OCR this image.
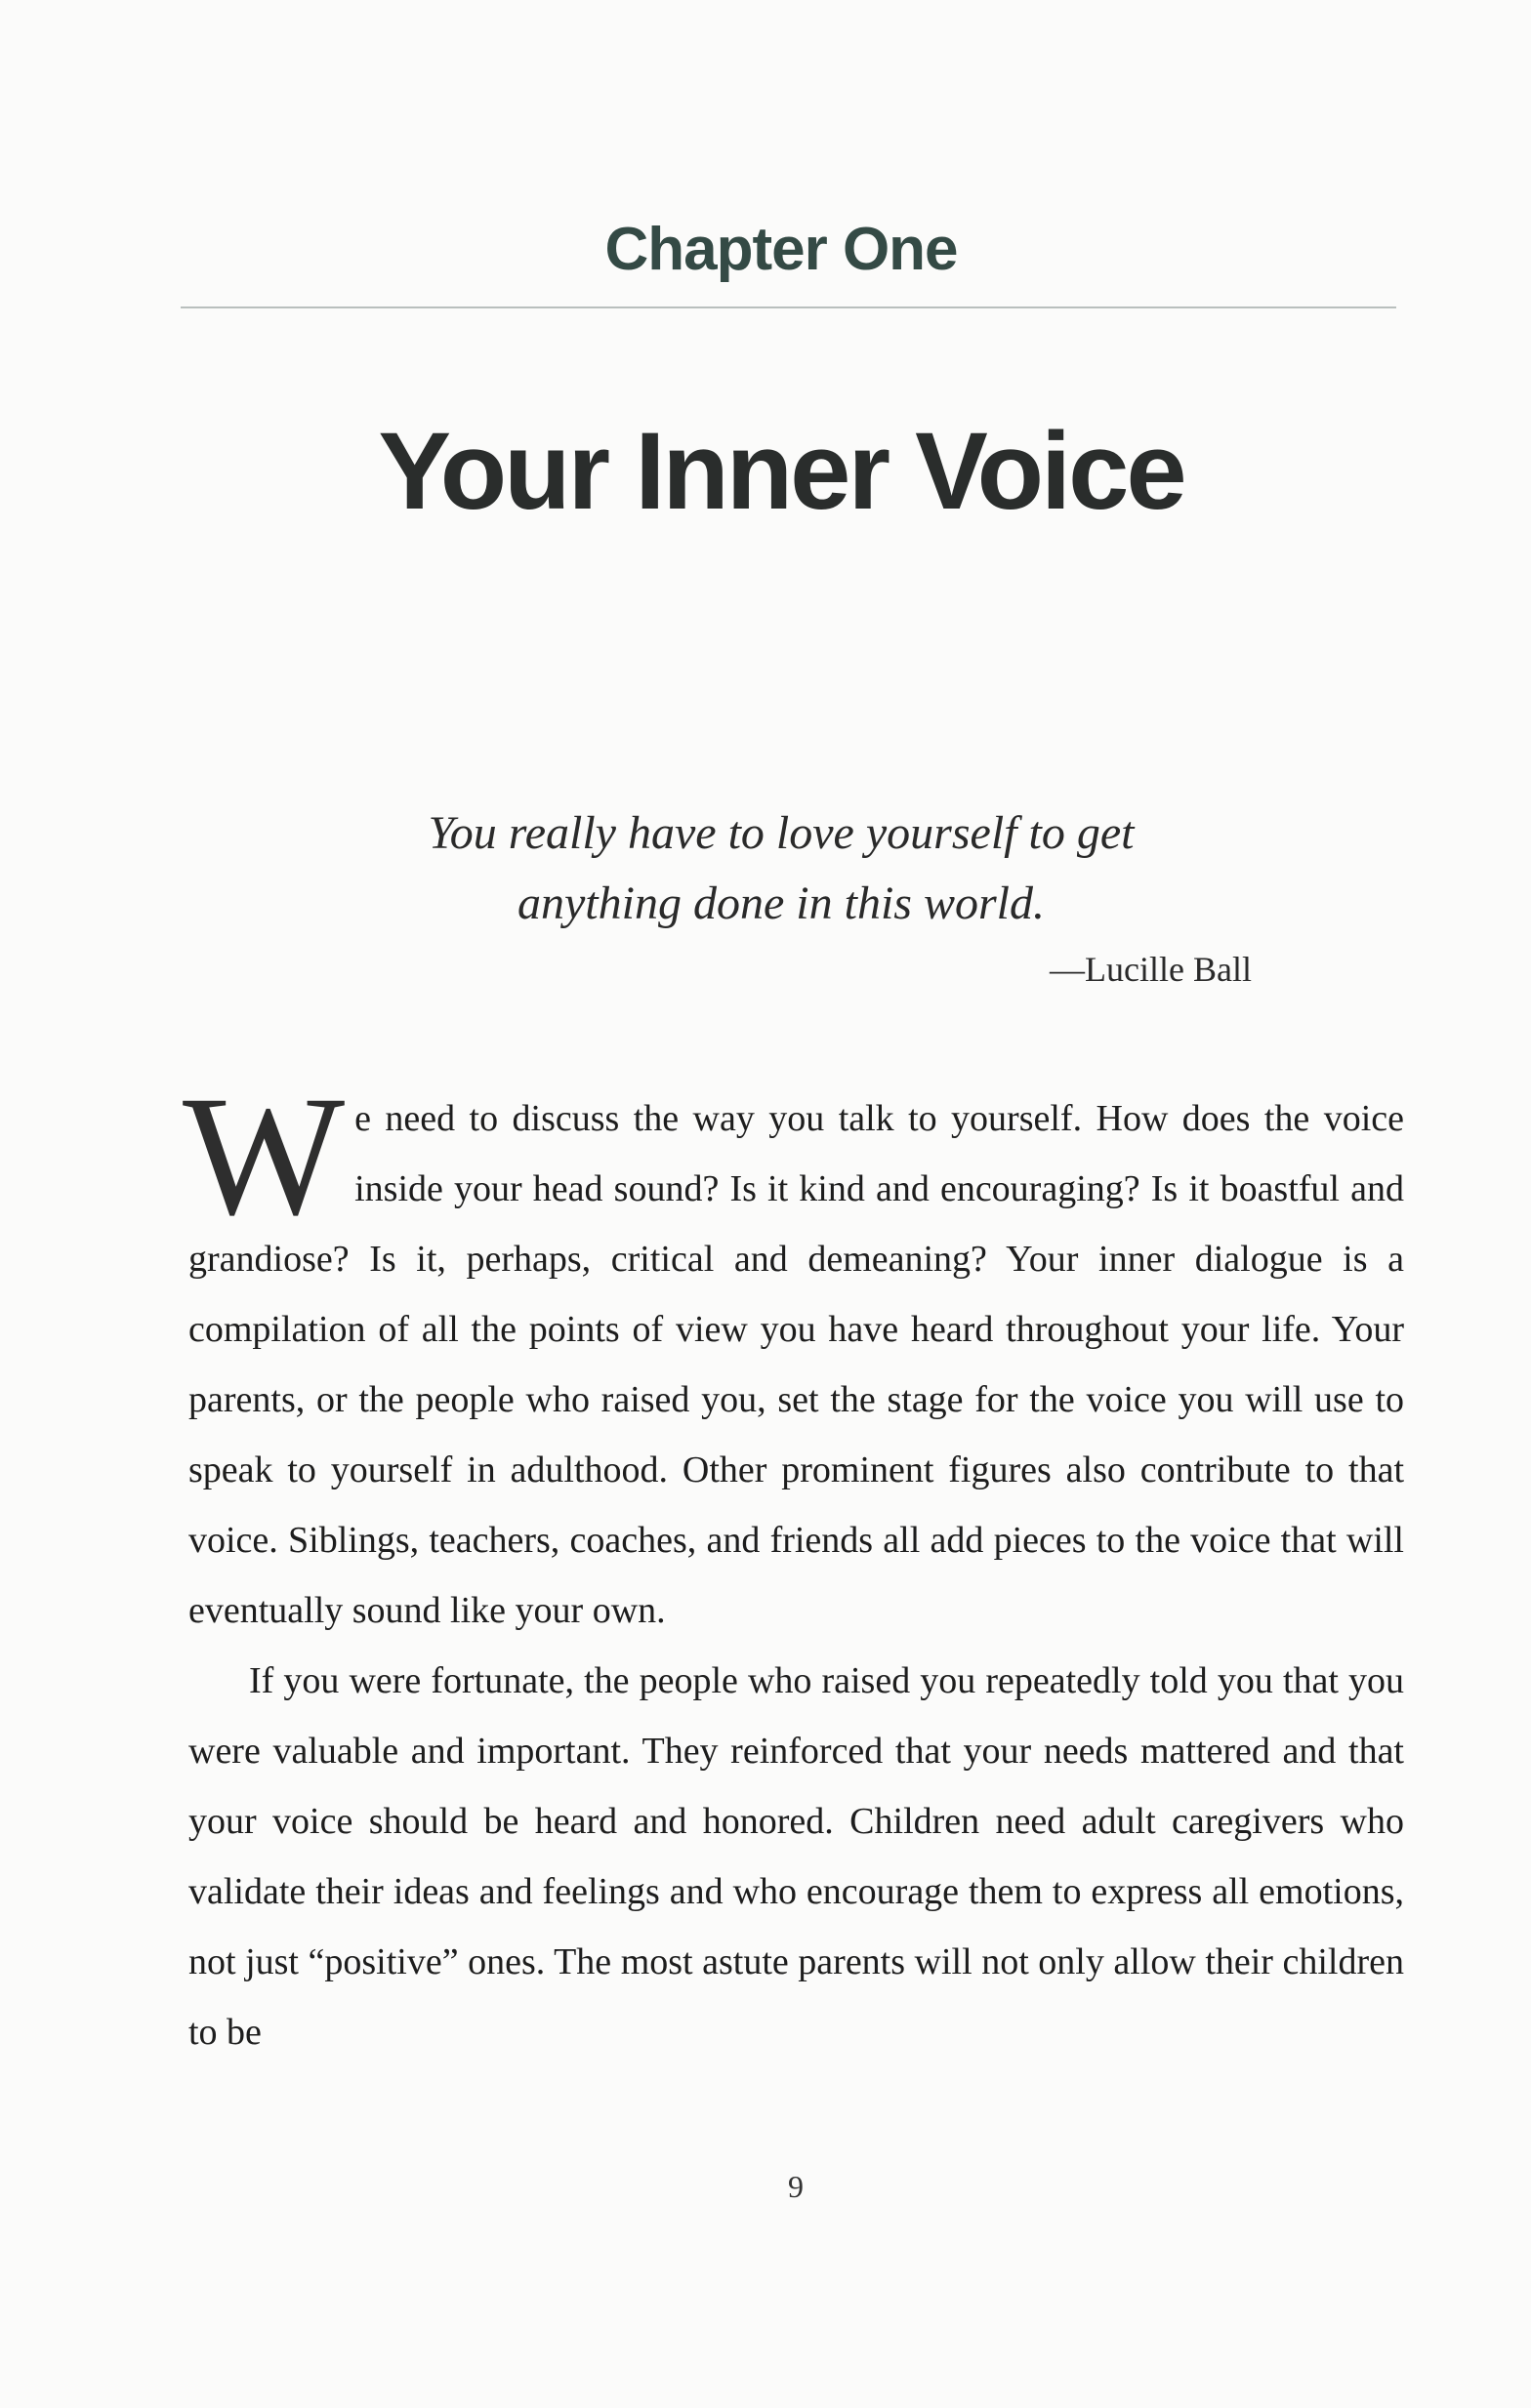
Chapter One
Your Inner Voice
You really have to love yourself to get
anything done in this world.
—Lucille Ball

We need to discuss the way you talk to yourself. How does the voice inside your head sound? Is it kind and encouraging? Is it boastful and grandiose? Is it, perhaps, critical and demeaning? Your inner dialogue is a compilation of all the points of view you have heard throughout your life. Your parents, or the people who raised you, set the stage for the voice you will use to speak to yourself in adulthood. Other prominent figures also contribute to that voice. Siblings, teachers, coaches, and friends all add pieces to the voice that will eventually sound like your own.

If you were fortunate, the people who raised you repeatedly told you that you were valuable and important. They reinforced that your needs mattered and that your voice should be heard and honored. Children need adult caregivers who validate their ideas and feelings and who encourage them to express all emotions, not just “positive” ones. The most astute parents will not only allow their children to be

9
